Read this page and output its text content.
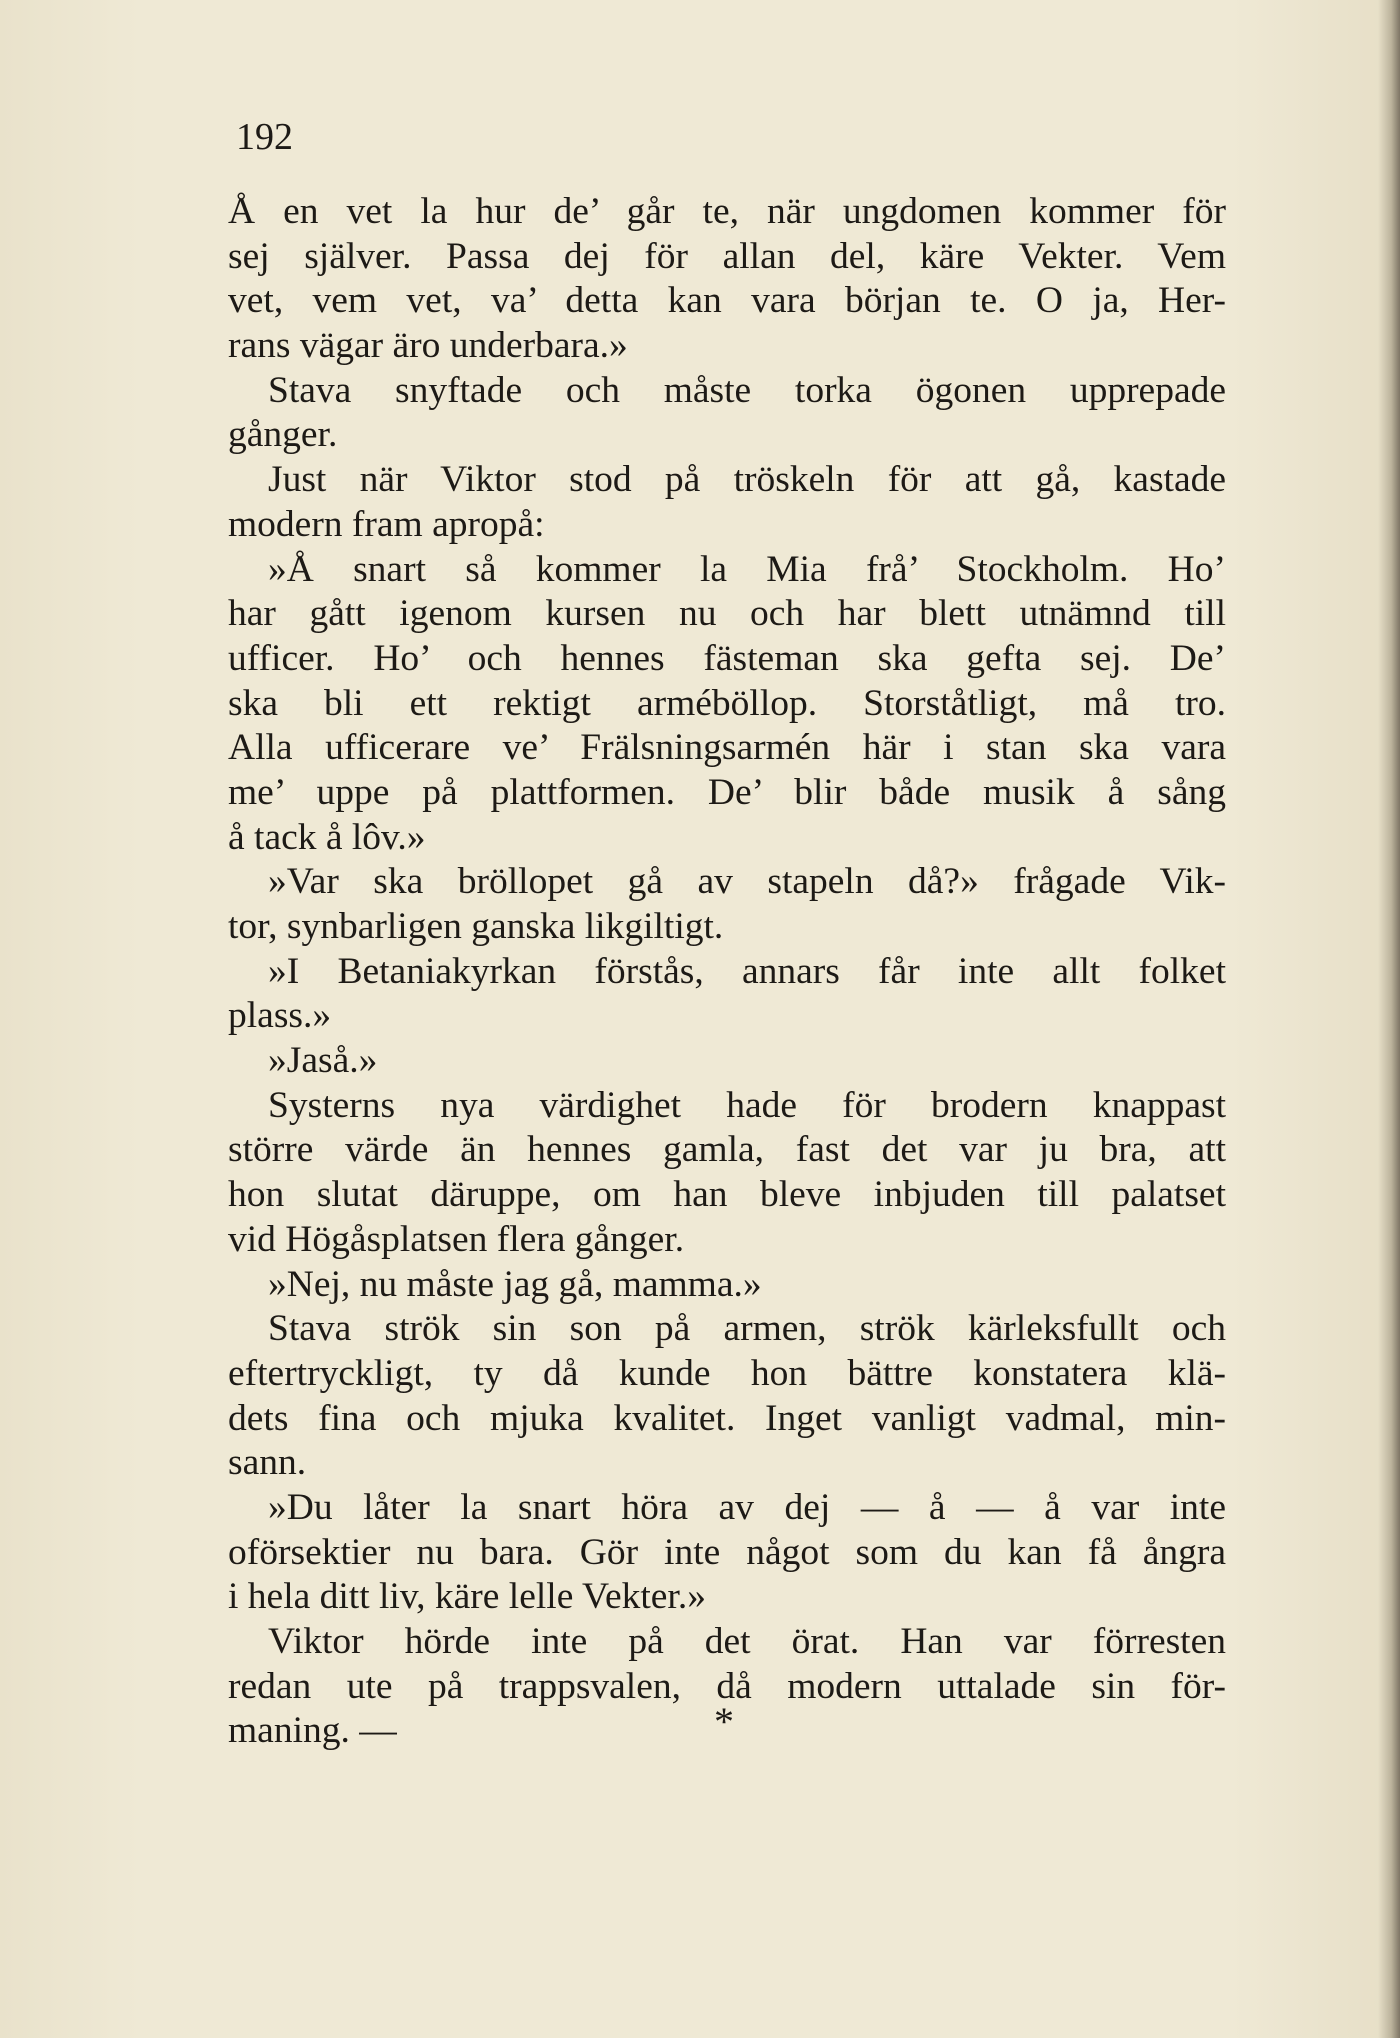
192
Å en vet la hur de’ går te, när ungdomen kommer för
sej själver. Passa dej för allan del, käre Vekter. Vem
vet, vem vet, va’ detta kan vara början te. O ja, Her-
rans vägar äro underbara.»
Stava snyftade och måste torka ögonen upprepade
gånger.
Just när Viktor stod på tröskeln för att gå, kastade
modern fram apropå:
»Å snart så kommer la Mia frå’ Stockholm. Ho’
har gått igenom kursen nu och har blett utnämnd till
ufficer. Ho’ och hennes fästeman ska gefta sej. De’
ska bli ett rektigt arméböllop. Storståtligt, må tro.
Alla ufficerare ve’ Frälsningsarmén här i stan ska vara
me’ uppe på plattformen. De’ blir både musik å sång
å tack å lôv.»
»Var ska bröllopet gå av stapeln då?» frågade Vik-
tor, synbarligen ganska likgiltigt.
»I Betaniakyrkan förstås, annars får inte allt folket
plass.»
»Jaså.»
Systerns nya värdighet hade för brodern knappast
större värde än hennes gamla, fast det var ju bra, att
hon slutat däruppe, om han bleve inbjuden till palatset
vid Högåsplatsen flera gånger.
»Nej, nu måste jag gå, mamma.»
Stava strök sin son på armen, strök kärleksfullt och
eftertryckligt, ty då kunde hon bättre konstatera klä-
dets fina och mjuka kvalitet. Inget vanligt vadmal, min-
sann.
»Du låter la snart höra av dej — å — å var inte
oförsektier nu bara. Gör inte något som du kan få ångra
i hela ditt liv, käre lelle Vekter.»
Viktor hörde inte på det örat. Han var förresten
redan ute på trappsvalen, då modern uttalade sin för-
maning. —	*
